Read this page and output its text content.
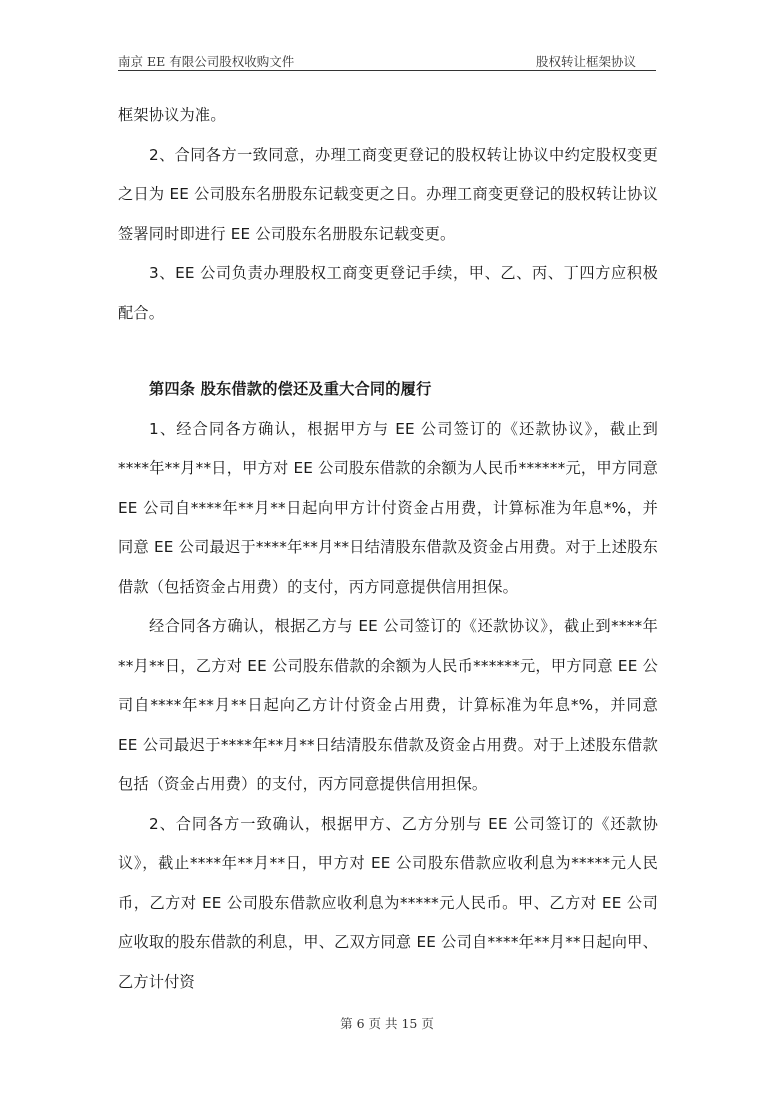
南京 EE 有限公司股权收购文件	股权转让框架协议

框架协议为准。

2、合同各方一致同意，办理工商变更登记的股权转让协议中约定股权变更之日为 EE 公司股东名册股东记载变更之日。办理工商变更登记的股权转让协议签署同时即进行 EE 公司股东名册股东记载变更。

3、EE 公司负责办理股权工商变更登记手续，甲、乙、丙、丁四方应积极配合。

第四条 股东借款的偿还及重大合同的履行

1、经合同各方确认，根据甲方与 EE 公司签订的《还款协议》，截止到****年**月**日，甲方对 EE 公司股东借款的余额为人民币******元，甲方同意 EE 公司自****年**月**日起向甲方计付资金占用费，计算标准为年息*%，并同意 EE 公司最迟于****年**月**日结清股东借款及资金占用费。对于上述股东借款（包括资金占用费）的支付，丙方同意提供信用担保。

经合同各方确认，根据乙方与 EE 公司签订的《还款协议》，截止到****年**月**日，乙方对 EE 公司股东借款的余额为人民币******元，甲方同意 EE 公司自****年**月**日起向乙方计付资金占用费，计算标准为年息*%，并同意 EE 公司最迟于****年**月**日结清股东借款及资金占用费。对于上述股东借款包括（资金占用费）的支付，丙方同意提供信用担保。

2、合同各方一致确认，根据甲方、乙方分别与 EE 公司签订的《还款协议》，截止****年**月**日，甲方对 EE 公司股东借款应收利息为*****元人民币，乙方对 EE 公司股东借款应收利息为*****元人民币。甲、乙方对 EE 公司应收取的股东借款的利息，甲、乙双方同意 EE 公司自****年**月**日起向甲、乙方计付资

第 6 页 共 15 页
